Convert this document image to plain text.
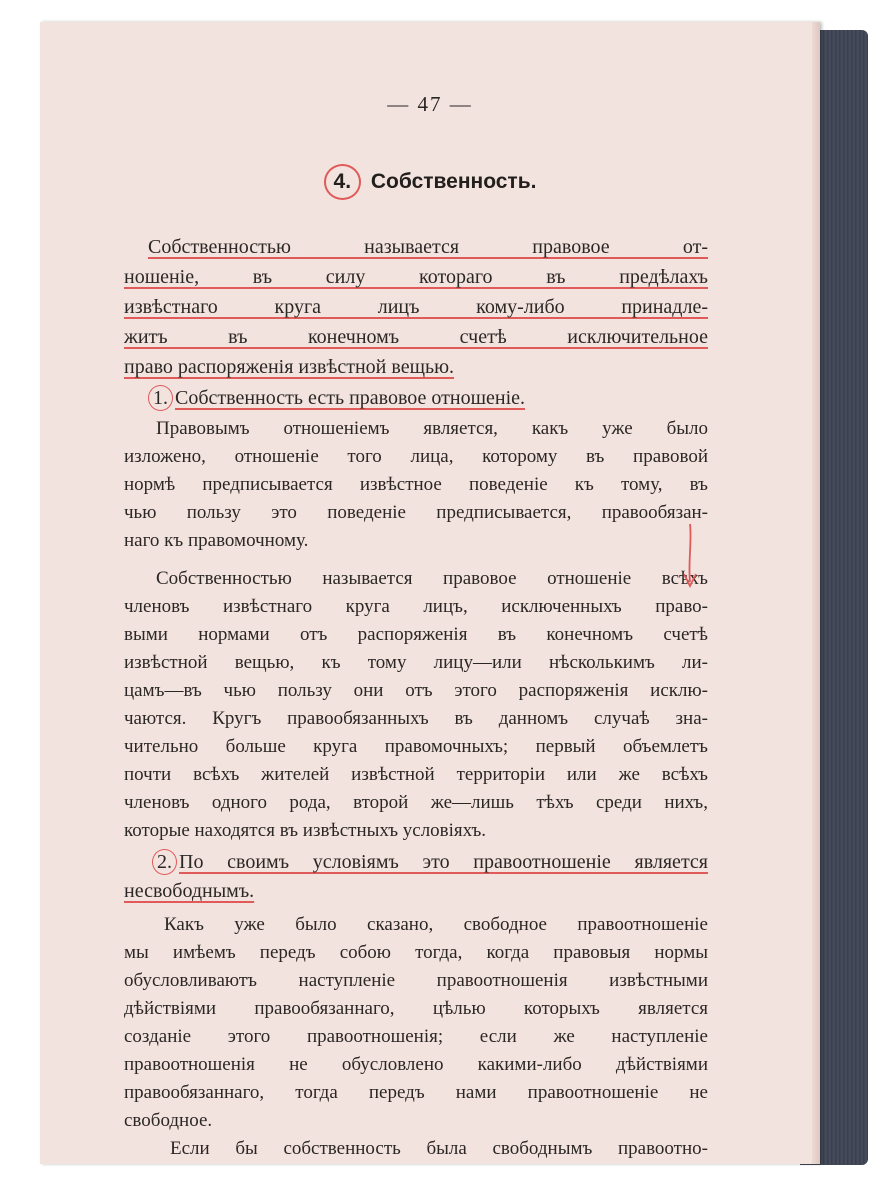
— 47 —
4. Собственность.
Собственностью называется правовое от-
ношеніе, въ силу котораго въ предѣлахъ
извѣстнаго круга лицъ кому-либо принадле-
житъ въ конечномъ счетѣ исключительное
право распоряженія извѣстной вещью.
1. Собственность есть правовое отношеніе.
Правовымъ отношеніемъ является, какъ уже было
изложено, отношеніе того лица, которому въ правовой
нормѣ предписывается извѣстное поведеніе къ тому, въ
чью пользу это поведеніе предписывается, правообязан-
наго къ правомочному.
Собственностью называется правовое отношеніе всѣхъ
членовъ извѣстнаго круга лицъ, исключенныхъ право-
выми нормами отъ распоряженія въ конечномъ счетѣ
извѣстной вещью, къ тому лицу—или нѣсколькимъ ли-
цамъ—въ чью пользу они отъ этого распоряженія исклю-
чаются. Кругъ правообязанныхъ въ данномъ случаѣ зна-
чительно больше круга правомочныхъ; первый объемлетъ
почти всѣхъ жителей извѣстной территоріи или же всѣхъ
членовъ одного рода, второй же—лишь тѣхъ среди нихъ,
которые находятся въ извѣстныхъ условіяхъ.
2. По своимъ условіямъ это правоотношеніе является
несвободнымъ.
Какъ уже было сказано, свободное правоотношеніе
мы имѣемъ передъ собою тогда, когда правовыя нормы
обусловливаютъ наступленіе правоотношенія извѣстными
дѣйствіями правообязаннаго, цѣлью которыхъ является
созданіе этого правоотношенія; если же наступленіе
правоотношенія не обусловлено какими-либо дѣйствіями
правообязаннаго, тогда передъ нами правоотношеніе не
свободное.
Если бы собственность была свободнымъ правоотно-
